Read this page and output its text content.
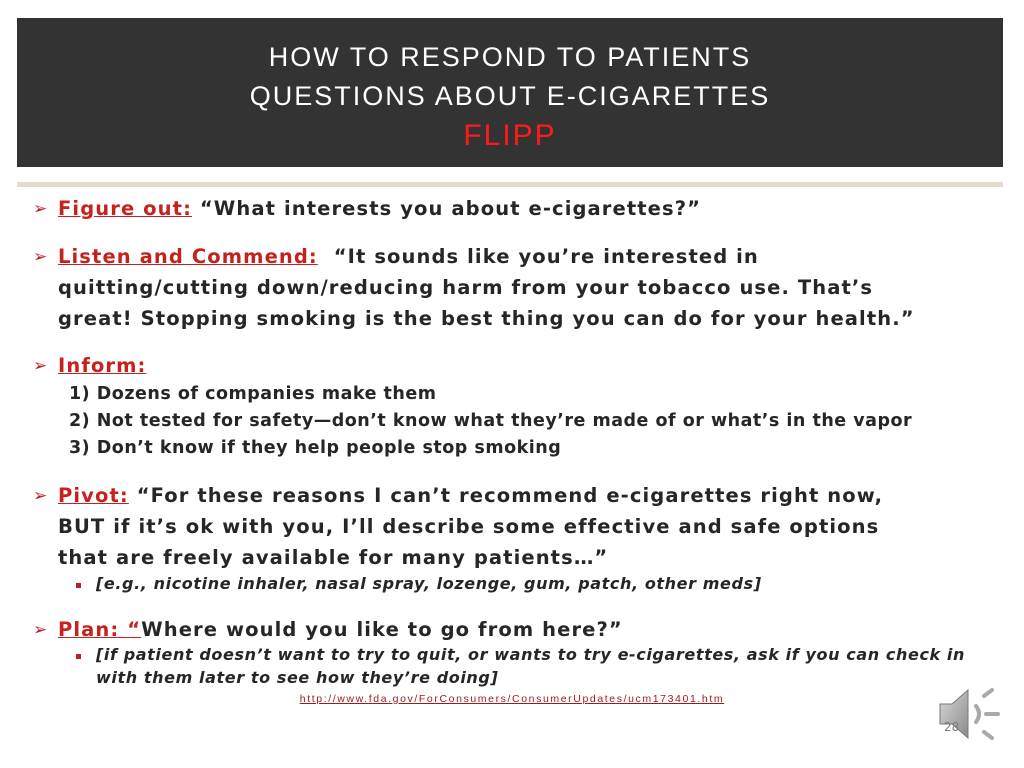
HOW TO RESPOND TO PATIENTS
QUESTIONS ABOUT E-CIGARETTES
FLIPP
➢ Figure out: “What interests you about e-cigarettes?”
➢ Listen and Commend: “It sounds like you’re interested in
quitting/cutting down/reducing harm from your tobacco use. That’s
great! Stopping smoking is the best thing you can do for your health.”
➢ Inform:
1) Dozens of companies make them
2) Not tested for safety—don’t know what they’re made of or what’s in the vapor
3) Don’t know if they help people stop smoking
➢ Pivot: “For these reasons I can’t recommend e-cigarettes right now,
BUT if it’s ok with you, I’ll describe some effective and safe options
that are freely available for many patients…”
[e.g., nicotine inhaler, nasal spray, lozenge, gum, patch, other meds]
➢ Plan: “Where would you like to go from here?”
[if patient doesn’t want to try to quit, or wants to try e-cigarettes, ask if you can check in
with them later to see how they’re doing]
http://www.fda.gov/ForConsumers/ConsumerUpdates/ucm173401.htm
28
